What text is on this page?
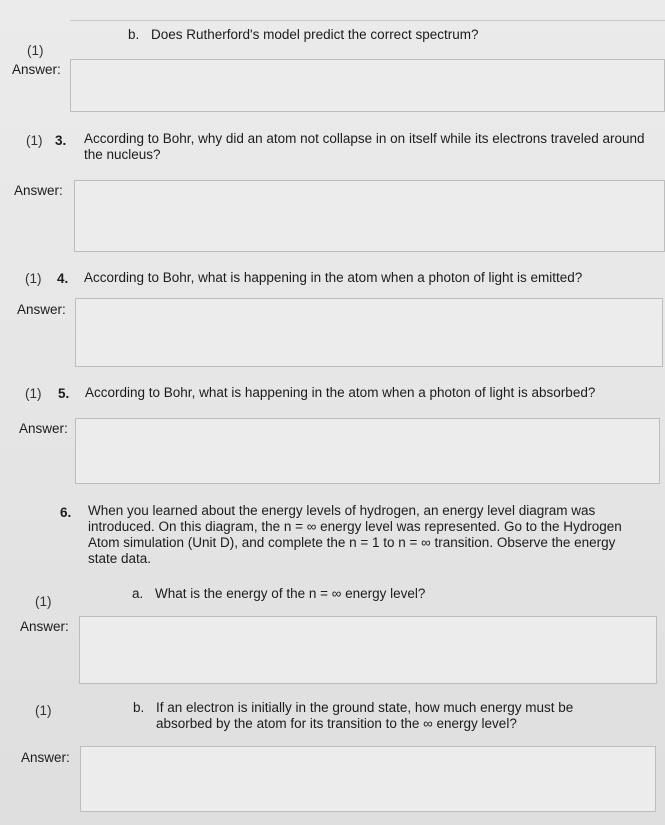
b. Does Rutherford's model predict the correct spectrum?
(1)
Answer:
(1) 3. According to Bohr, why did an atom not collapse in on itself while its electrons traveled around the nucleus?
Answer:
(1) 4. According to Bohr, what is happening in the atom when a photon of light is emitted?
Answer:
(1) 5. According to Bohr, what is happening in the atom when a photon of light is absorbed?
Answer:
6. When you learned about the energy levels of hydrogen, an energy level diagram was introduced. On this diagram, the n = ∞ energy level was represented. Go to the Hydrogen Atom simulation (Unit D), and complete the n = 1 to n = ∞ transition. Observe the energy state data.
a. What is the energy of the n = ∞ energy level?
(1)
Answer:
(1)	b. If an electron is initially in the ground state, how much energy must be absorbed by the atom for its transition to the ∞ energy level?
Answer:
